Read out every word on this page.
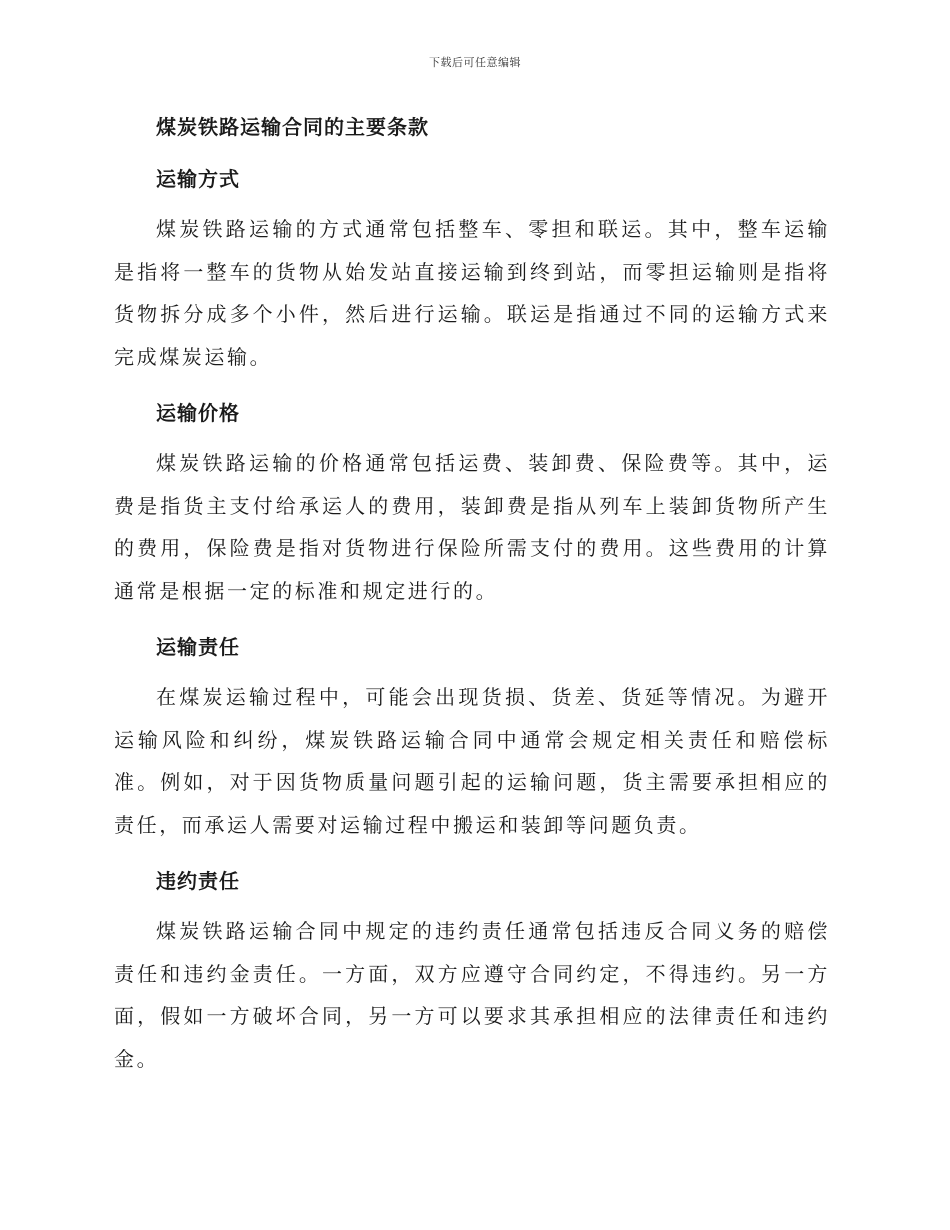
下载后可任意编辑
煤炭铁路运输合同的主要条款
运输方式

煤炭铁路运输的方式通常包括整车、零担和联运。其中，整车运输是指将一整车的货物从始发站直接运输到终到站，而零担运输则是指将货物拆分成多个小件，然后进行运输。联运是指通过不同的运输方式来完成煤炭运输。

运输价格

煤炭铁路运输的价格通常包括运费、装卸费、保险费等。其中，运费是指货主支付给承运人的费用，装卸费是指从列车上装卸货物所产生的费用，保险费是指对货物进行保险所需支付的费用。这些费用的计算通常是根据一定的标准和规定进行的。

运输责任

在煤炭运输过程中，可能会出现货损、货差、货延等情况。为避开运输风险和纠纷，煤炭铁路运输合同中通常会规定相关责任和赔偿标准。例如，对于因货物质量问题引起的运输问题，货主需要承担相应的责任，而承运人需要对运输过程中搬运和装卸等问题负责。

违约责任

煤炭铁路运输合同中规定的违约责任通常包括违反合同义务的赔偿责任和违约金责任。一方面，双方应遵守合同约定，不得违约。另一方面，假如一方破坏合同，另一方可以要求其承担相应的法律责任和违约金。
